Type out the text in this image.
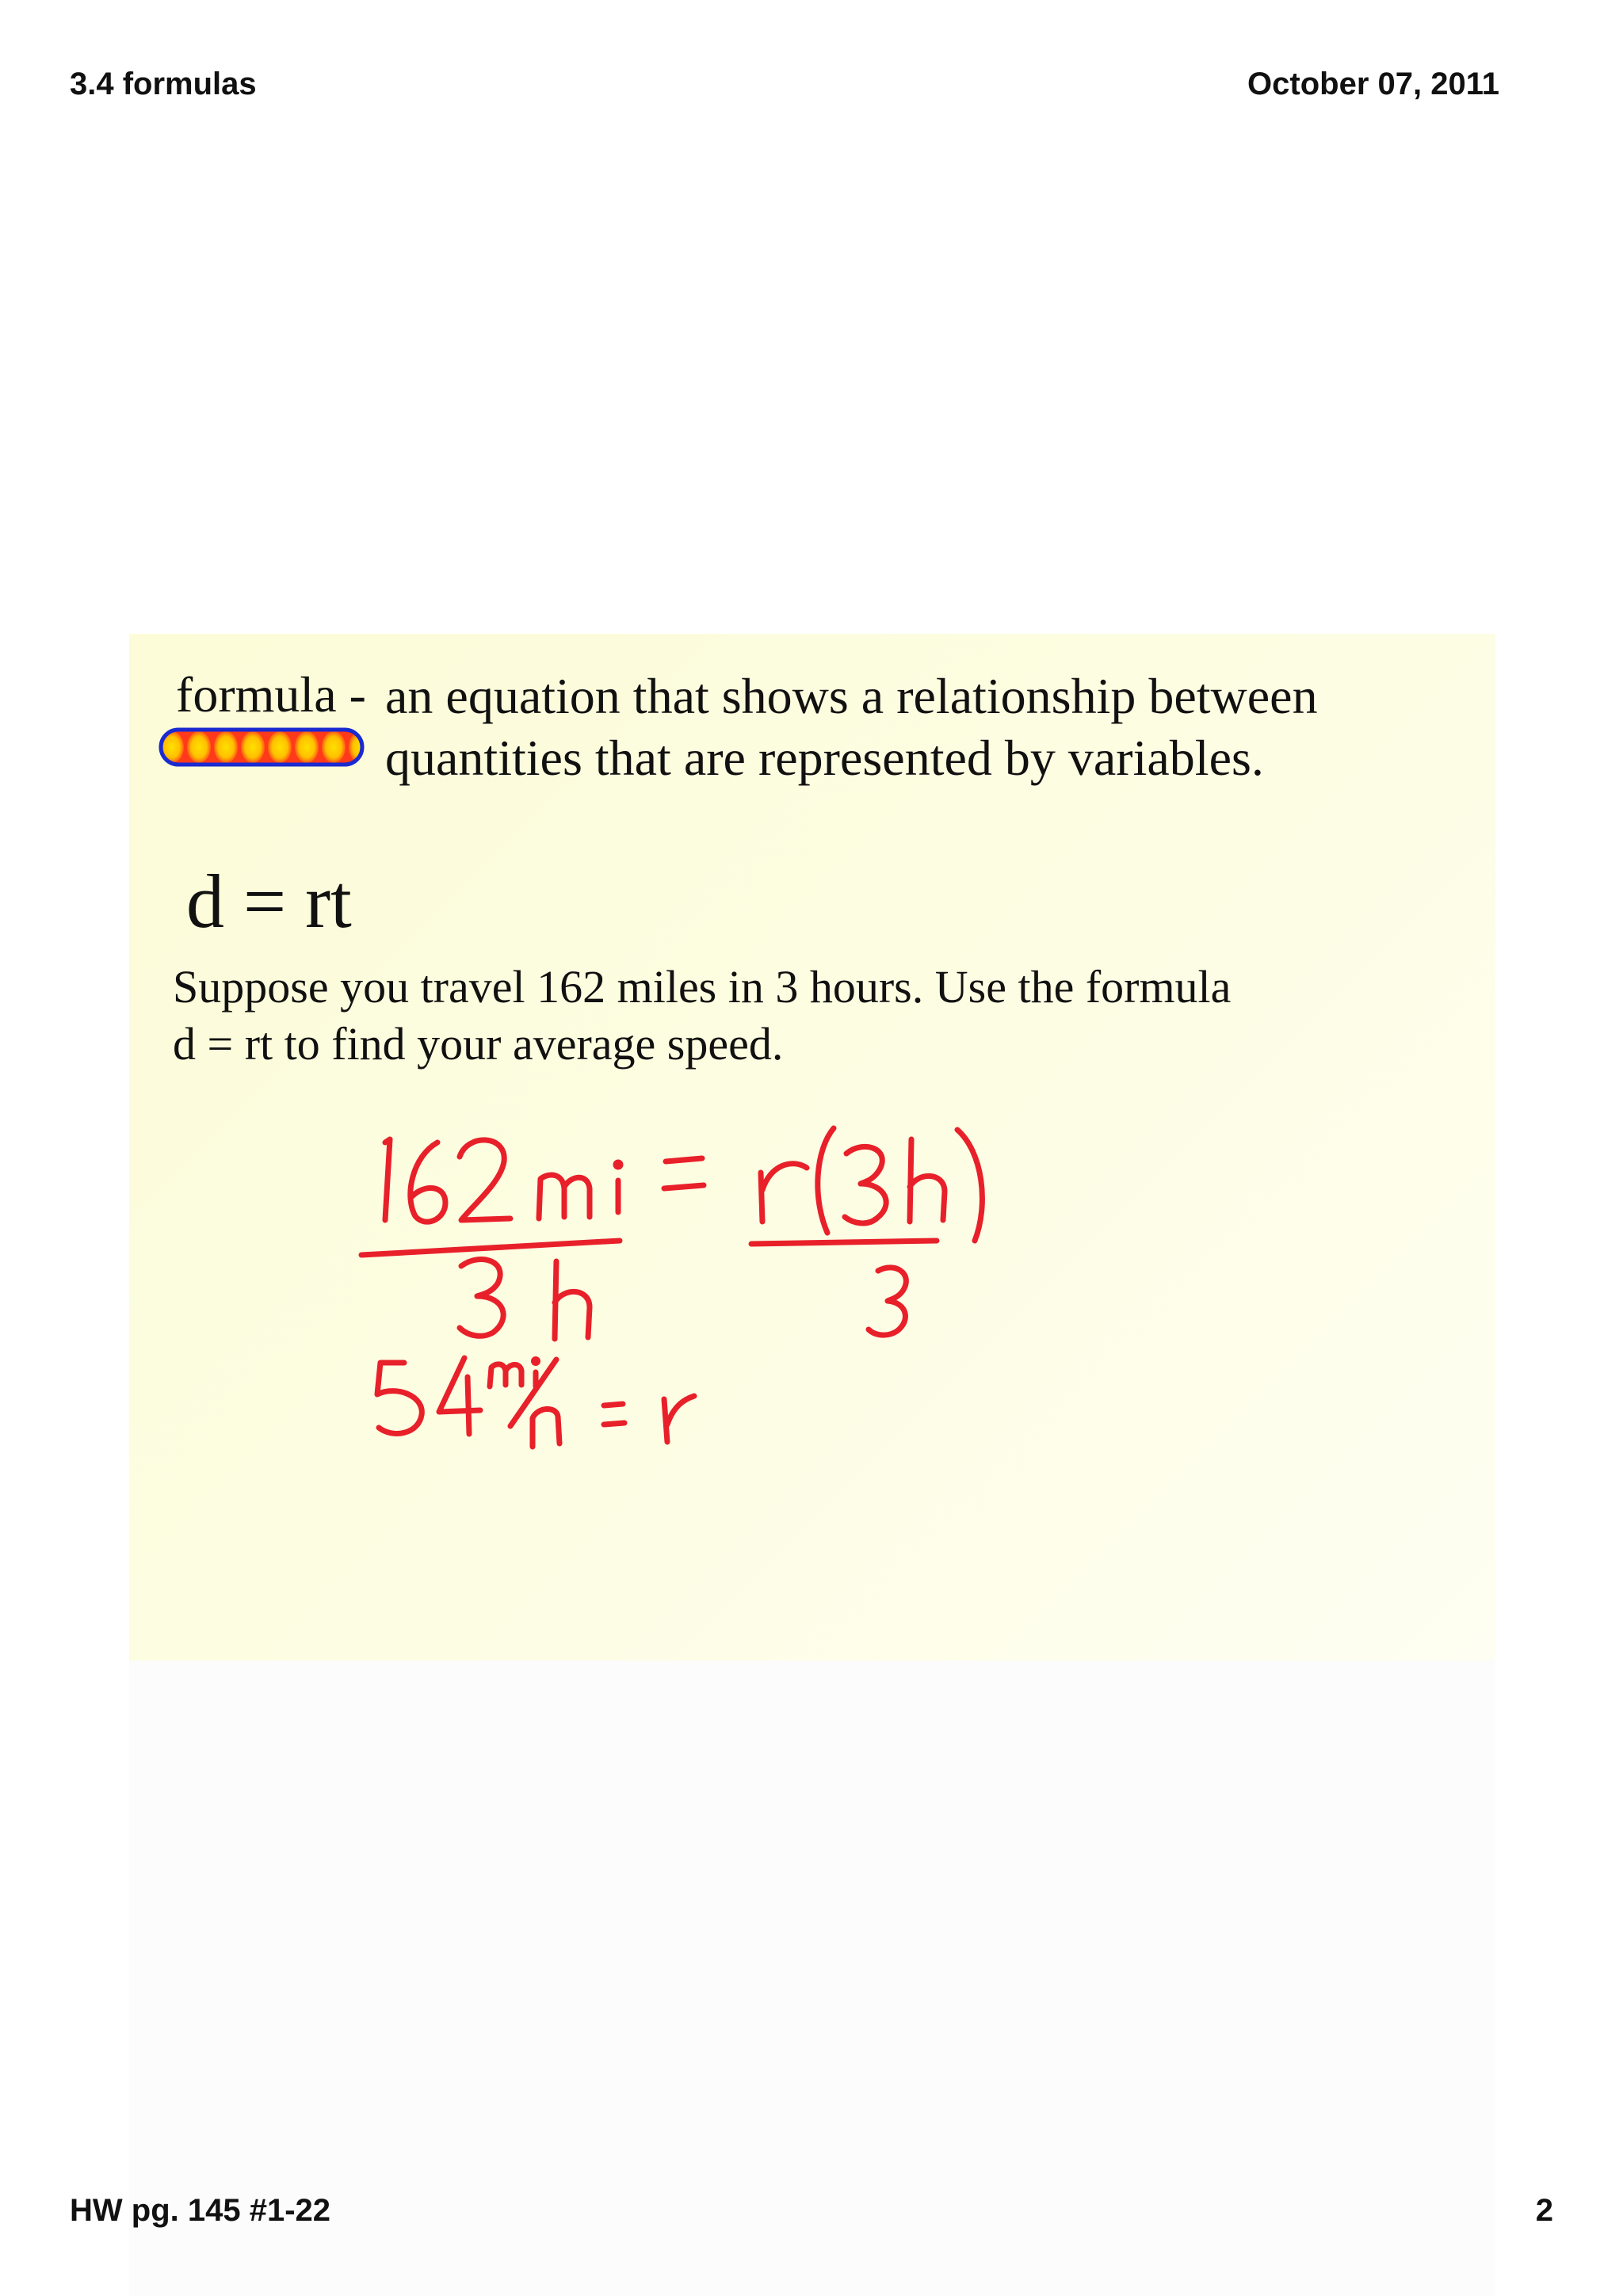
3.4 formulas	October 07, 2011
formula - an equation that shows a relationship between
quantities that are represented by variables.
d = rt
Suppose you travel 162 miles in 3 hours. Use the formula
d = rt to find your average speed.
HW pg. 145 #1-22	2
